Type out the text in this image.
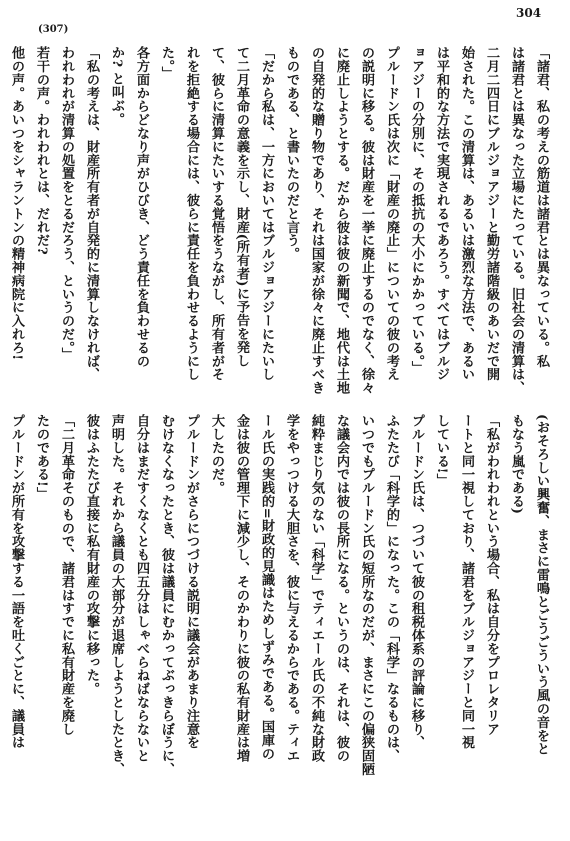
304
(307)

「諸君、私の考えの筋道は諸君とは異なっている。私

は諸君とは異なった立場にたっている。旧社会の清算は、

二月二四日にブルジョアジーと勤労諸階級のあいだで開

始された。この清算は、あるいは激烈な方法で、あるい

は平和的な方法で実現されるであろう。すべてはブルジ

ョアジーの分別に、その抵抗の大小にかかっている。」

プルードン氏は次に「財産の廃止」についての彼の考え

の説明に移る。彼は財産を一挙に廃止するのでなく、徐々

に廃止しようとする。だから彼は彼の新聞で、地代は土地

の自発的な贈り物であり、それは国家が徐々に廃止すべき

ものである、と書いたのだと言う。

「だから私は、一方においてはブルジョアジーにたいし

て二月革命の意義を示し、財産(所有者)に予告を発し

て、彼らに清算にたいする覚悟をうながし、所有者がそ

れを拒絶する場合には、彼らに責任を負わせるようにし

た。」

各方面からどなり声がひびき、どう責任を負わせるの

か? と叫ぶ。

「私の考えは、財産所有者が自発的に清算しなければ、

われわれが清算の処置をとるだろう、というのだ。」

若干の声。われわれとは、だれだ?

他の声。あいつをシャラントンの精神病院に入れろ!

(おそろしい興奮、まさに雷鳴とごうごういう風の音をと

もなう嵐である)

「私がわれわれという場合、私は自分をプロレタリア

ートと同一視しており、諸君をブルジョアジーと同一視

している!」

プルードン氏は、つづいて彼の租税体系の評論に移り、

ふたたび「科学的」になった。この「科学」なるものは、

いつでもプルードン氏の短所なのだが、まさにこの偏狭固陋

な議会内では彼の長所になる。というのは、それは、彼の

純粋まじり気のない「科学」でティエール氏の不純な財政

学をやっつける大胆さを、彼に与えるからである。ティエ

ール氏の実践的=財政的見識はためしずみである。国庫の

金は彼の管理下に減少し、そのかわりに彼の私有財産は増

大したのだ。

プルードンがさらにつづける説明に議会があまり注意を

むけなくなったとき、彼は議員にむかってぶっきらぼうに、

自分はまだすくなくとも四五分はしゃべらねばならないと

声明した。それから議員の大部分が退席しようとしたとき、

彼はふたたび直接に私有財産の攻撃に移った。

「二月革命そのもので、諸君はすでに私有財産を廃し

たのである!」

プルードンが所有を攻撃する一語を吐くごとに、議員は
